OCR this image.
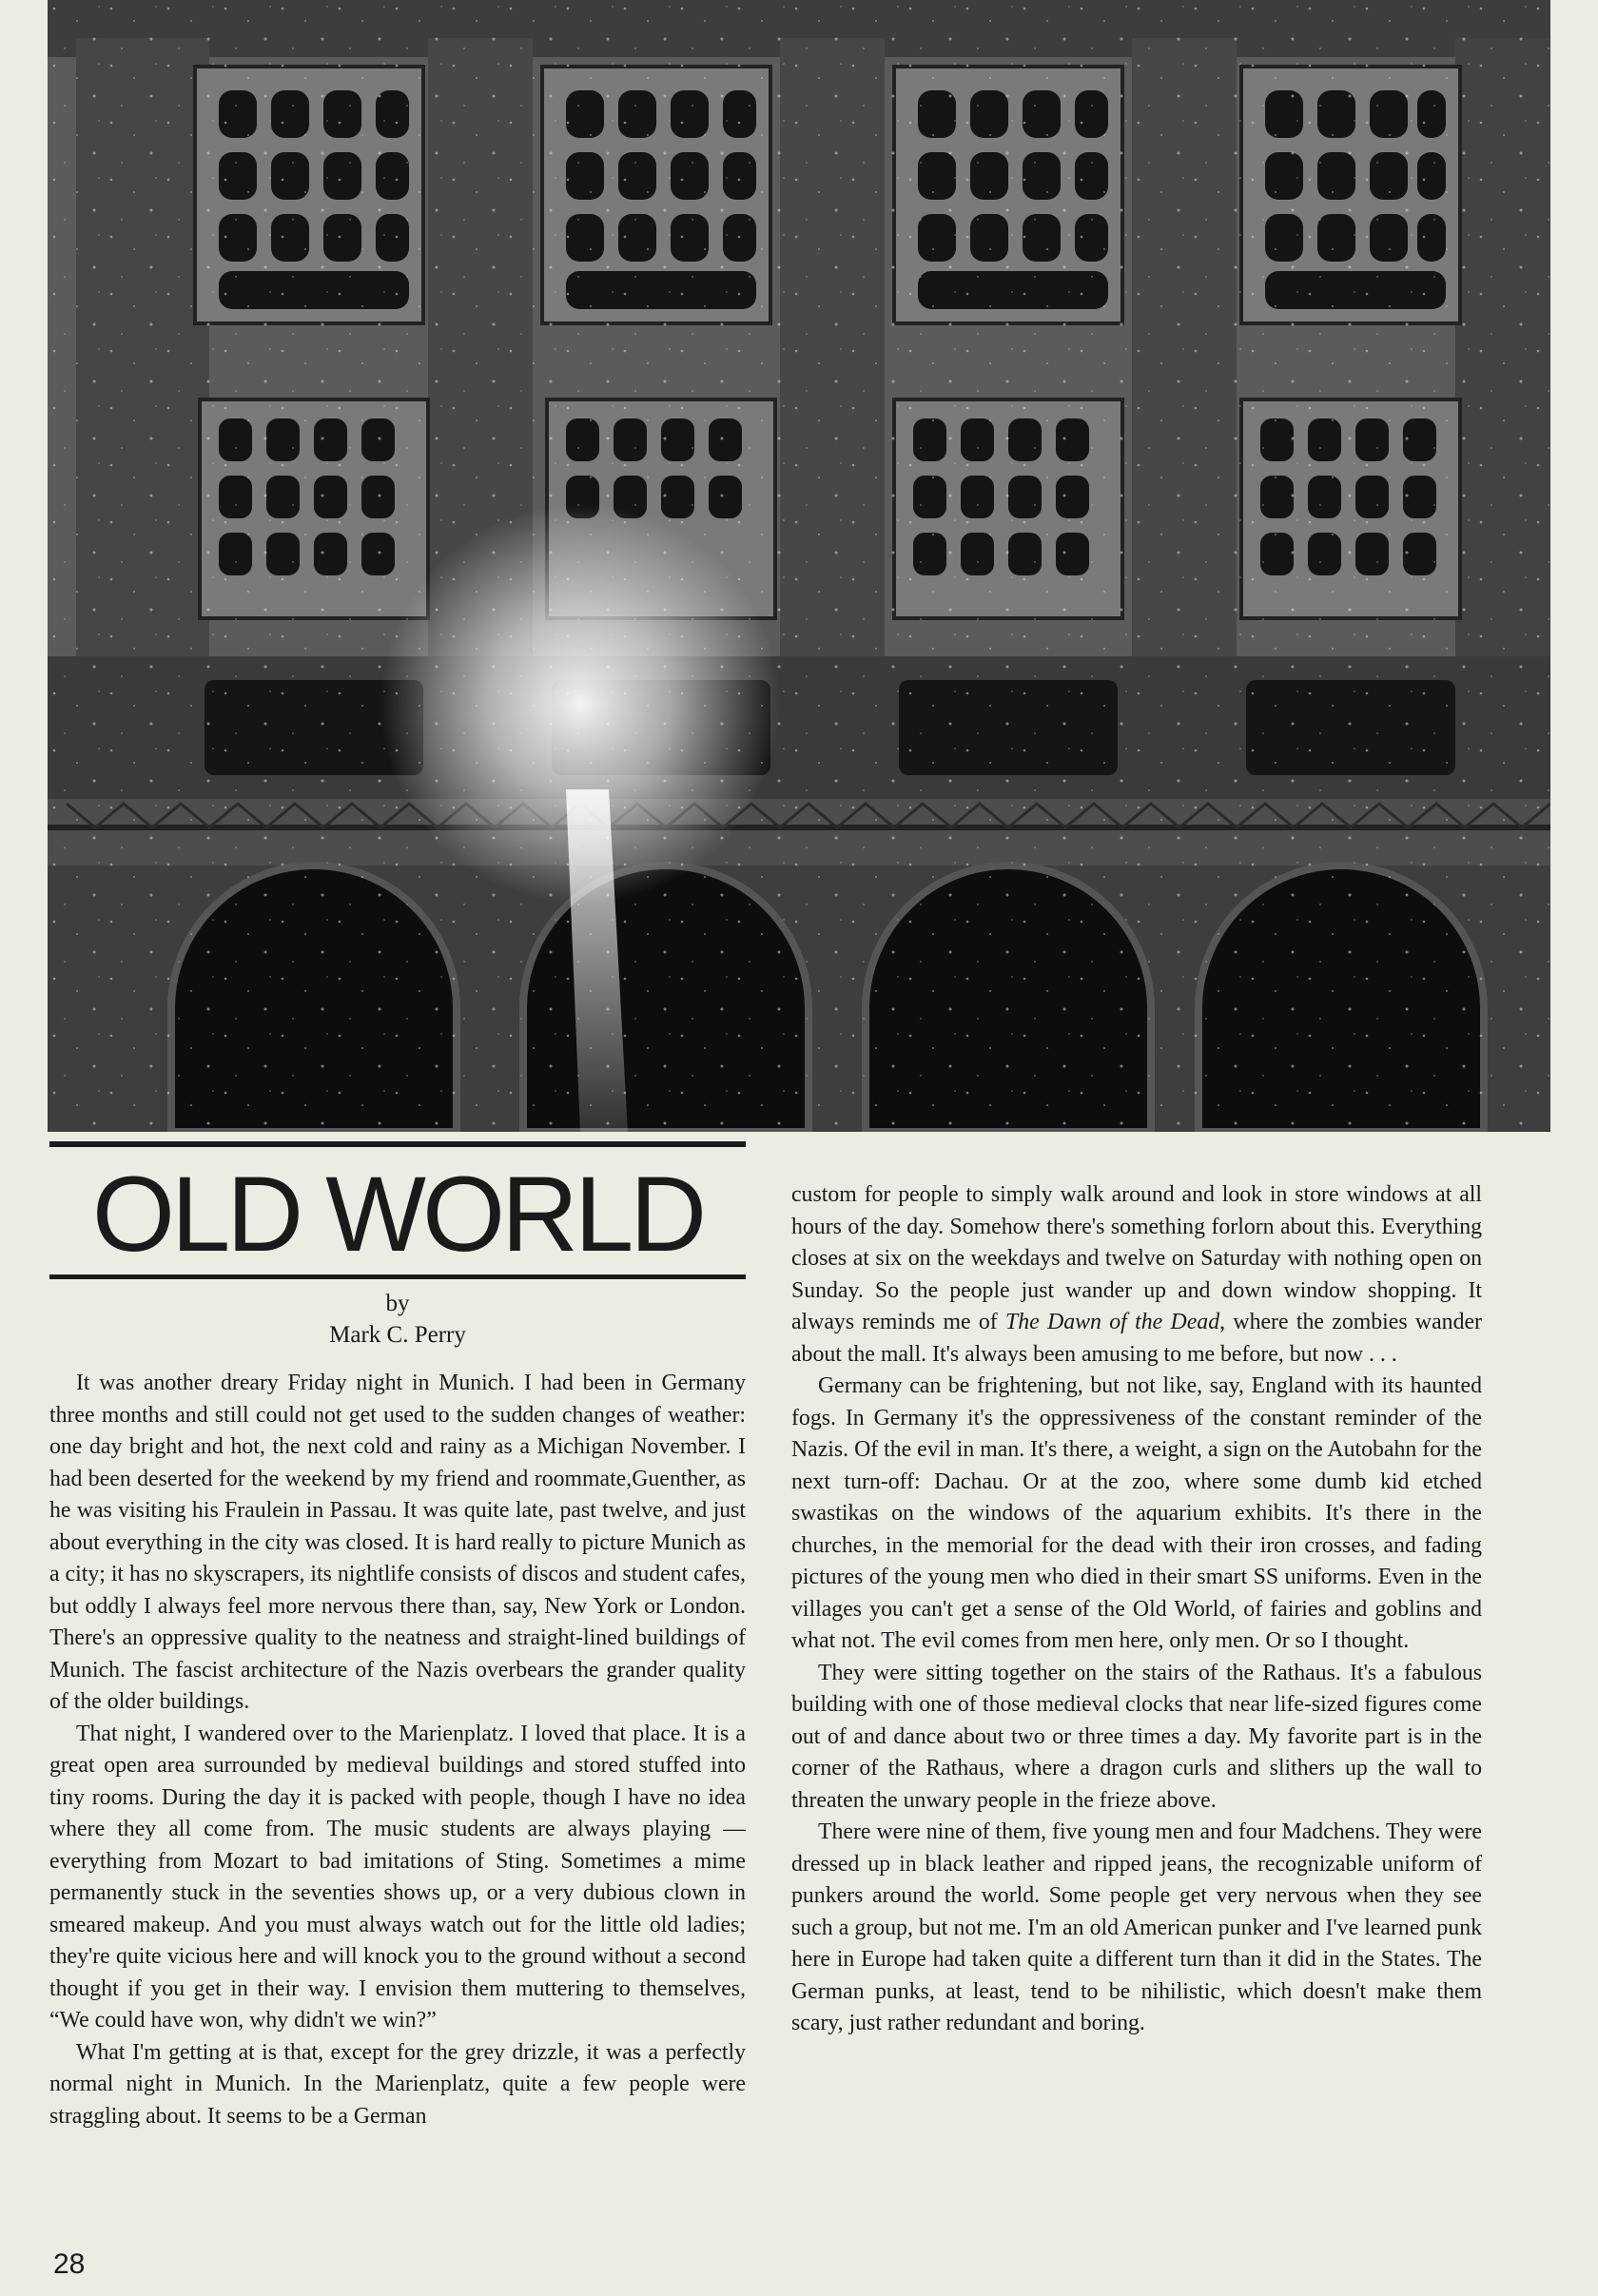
OLD WORLD
by
Mark C. Perry

It was another dreary Friday night in Munich. I had been in Germany three months and still could not get used to the sudden changes of weather: one day bright and hot, the next cold and rainy as a Michigan November. I had been deserted for the weekend by my friend and roommate,Guenther, as he was visiting his Fraulein in Passau. It was quite late, past twelve, and just about everything in the city was closed. It is hard really to picture Munich as a city; it has no skyscrapers, its nightlife consists of discos and student cafes, but oddly I always feel more nervous there than, say, New York or London. There's an oppressive quality to the neatness and straight-lined buildings of Munich. The fascist architecture of the Nazis overbears the grander quality of the older buildings.

That night, I wandered over to the Marienplatz. I loved that place. It is a great open area surrounded by medieval buildings and stored stuffed into tiny rooms. During the day it is packed with people, though I have no idea where they all come from. The music students are always playing — everything from Mozart to bad imitations of Sting. Sometimes a mime permanently stuck in the seventies shows up, or a very dubious clown in smeared makeup. And you must always watch out for the little old ladies; they're quite vicious here and will knock you to the ground without a second thought if you get in their way. I envision them muttering to themselves, “We could have won, why didn't we win?”

What I'm getting at is that, except for the grey drizzle, it was a perfectly normal night in Munich. In the Marienplatz, quite a few people were straggling about. It seems to be a German

custom for people to simply walk around and look in store windows at all hours of the day. Somehow there's something forlorn about this. Everything closes at six on the weekdays and twelve on Saturday with nothing open on Sunday. So the people just wander up and down window shopping. It always reminds me of The Dawn of the Dead, where the zombies wander about the mall. It's always been amusing to me before, but now . . .

Germany can be frightening, but not like, say, England with its haunted fogs. In Germany it's the oppressiveness of the constant reminder of the Nazis. Of the evil in man. It's there, a weight, a sign on the Autobahn for the next turn-off: Dachau. Or at the zoo, where some dumb kid etched swastikas on the windows of the aquarium exhibits. It's there in the churches, in the memorial for the dead with their iron crosses, and fading pictures of the young men who died in their smart SS uniforms. Even in the villages you can't get a sense of the Old World, of fairies and goblins and what not. The evil comes from men here, only men. Or so I thought.

They were sitting together on the stairs of the Rathaus. It's a fabulous building with one of those medieval clocks that near life-sized figures come out of and dance about two or three times a day. My favorite part is in the corner of the Rathaus, where a dragon curls and slithers up the wall to threaten the unwary people in the frieze above.

There were nine of them, five young men and four Madchens. They were dressed up in black leather and ripped jeans, the recognizable uniform of punkers around the world. Some people get very nervous when they see such a group, but not me. I'm an old American punker and I've learned punk here in Europe had taken quite a different turn than it did in the States. The German punks, at least, tend to be nihilistic, which doesn't make them scary, just rather redundant and boring.

28
